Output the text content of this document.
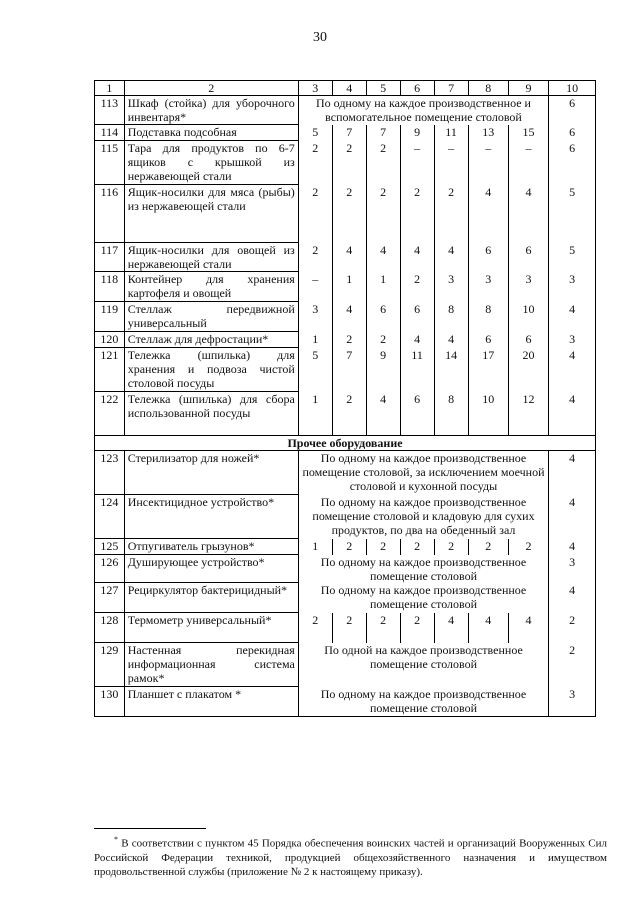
30
1	2	3	4	5	6	7	8	9	10
113	Шкаф (стойка) для уборочного инвентаря*	По одному на каждое производственное и вспомогательное помещение столовой							6
114	Подставка подсобная	5	7	7	9	11	13	15	6
115	Тара для продуктов по 6-7 ящиков с крышкой из нержавеющей стали	2	2	2	–	–	–	–	6
116	Ящик-носилки для мяса (рыбы) из нержавеющей стали	2	2	2	2	2	4	4	5
117	Ящик-носилки для овощей из нержавеющей стали	2	4	4	4	4	6	6	5
118	Контейнер для хранения картофеля и овощей	–	1	1	2	3	3	3	3
119	Стеллаж передвижной универсальный	3	4	6	6	8	8	10	4
120	Стеллаж для дефростации*	1	2	2	4	4	6	6	3
121	Тележка (шпилька) для хранения и подвоза чистой столовой посуды	5	7	9	11	14	17	20	4
122	Тележка (шпилька) для сбора использованной посуды	1	2	4	6	8	10	12	4
Прочее оборудование									
123	Стерилизатор для ножей*	По одному на каждое производственное помещение столовой, за исключением моечной столовой и кухонной посуды							4
124	Инсектицидное устройство*	По одному на каждое производственное помещение столовой и кладовую для сухих продуктов, по два на обеденный зал							4
125	Отпугиватель грызунов*	1	2	2	2	2	2	2	4
126	Душирующее устройство*	По одному на каждое производственное помещение столовой							3
127	Рециркулятор бактерицидный*	По одному на каждое производственное помещение столовой							4
128	Термометр универсальный*	2	2	2	2	4	4	4	2
129	Настенная перекидная информационная система рамок*	По одной на каждое производственное помещение столовой							2
130	Планшет с плакатом *	По одному на каждое производственное помещение столовой							3
* В соответствии с пунктом 45 Порядка обеспечения воинских частей и организаций Вооруженных Сил Российской Федерации техникой, продукцией общехозяйственного назначения и имуществом продовольственной службы (приложение № 2 к настоящему приказу).
